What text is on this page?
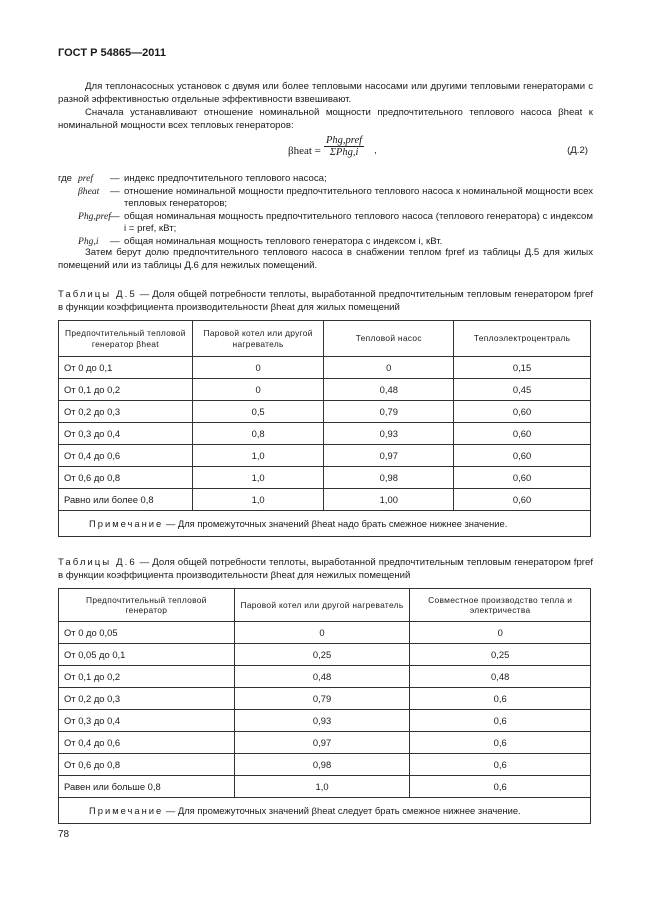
ГОСТ Р 54865—2011
Для теплонасосных установок с двумя или более тепловыми насосами или другими тепловыми генераторами с разной эффективностью отдельные эффективности взвешивают.
Сначала устанавливают отношение номинальной мощности предпочтительного теплового насоса βheat к номинальной мощности всех тепловых генераторов:
βheat =
Phg,pref
ΣPhg,i	,	(Д.2)
где pref	— индекс предпочтительного теплового насоса;
βheat	— отношение номинальной мощности предпочтительного теплового насоса к номинальной мощности всех тепловых генераторов;
Phg,pref — общая номинальная мощность предпочтительного теплового насоса (теплового генератора) с индексом i = pref, кВт;
Phg,i	— общая номинальная мощность теплового генератора с индексом i, кВт.
Затем берут долю предпочтительного теплового насоса в снабжении теплом fpref из таблицы Д.5 для жилых помещений или из таблицы Д.6 для нежилых помещений.
Таблицы Д.5 — Доля общей потребности теплоты, выработанной предпочтительным тепловым генератором fpref в функции коэффициента производительности βheat для жилых помещений
Предпочтительный тепловой генератор βheat	Паровой котел или другой нагреватель	Тепловой насос	Теплоэлектроцентраль
От 0 до 0,1	0	0	0,15
От 0,1 до 0,2	0	0,48	0,45
От 0,2 до 0,3	0,5	0,79	0,60
От 0,3 до 0,4	0,8	0,93	0,60
От 0,4 до 0,6	1,0	0,97	0,60
От 0,6 до 0,8	1,0	0,98	0,60
Равно или более 0,8	1,0	1,00	0,60
Примечание — Для промежуточных значений βheat надо брать смежное нижнее значение.			
Таблицы Д.6 — Доля общей потребности теплоты, выработанной предпочтительным тепловым генератором fpref в функции коэффициента производительности βheat для нежилых помещений
Предпочтительный тепловой генератор	Паровой котел или другой нагреватель	Совместное производство тепла и электричества
От 0 до 0,05	0	0
От 0,05 до 0,1	0,25	0,25
От 0,1 до 0,2	0,48	0,48
От 0,2 до 0,3	0,79	0,6
От 0,3 до 0,4	0,93	0,6
От 0,4 до 0,6	0,97	0,6
От 0,6 до 0,8	0,98	0,6
Равен или больше 0,8	1,0	0,6
Примечание — Для промежуточных значений βheat следует брать смежное нижнее значение.		
78
